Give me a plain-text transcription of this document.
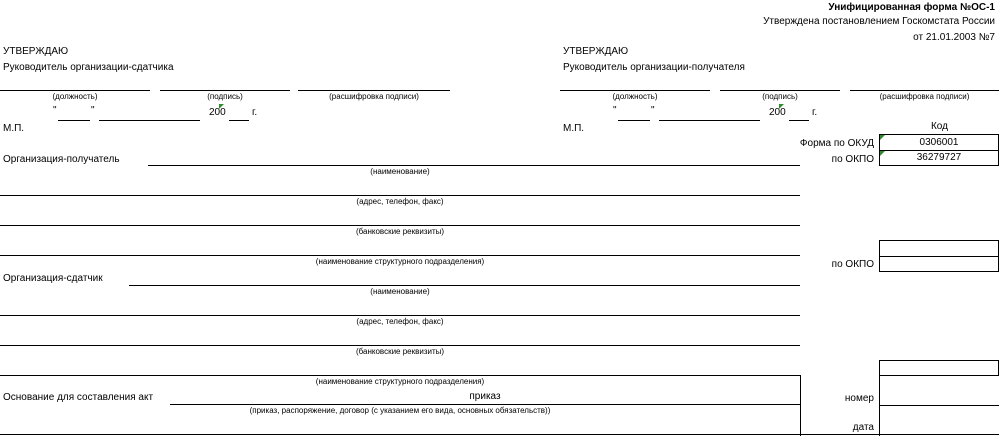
Унифицированная форма №ОС-1
Утверждена постановлением Госкомстата России
от 21.01.2003 №7
УТВЕРЖДАЮ
Руководитель организации-сдатчика
(должность)	(подпись)	(расшифровка подписи)
"	"	200	г.
М.П.
УТВЕРЖДАЮ
Руководитель организации-получателя
(должность)	(подпись)	(расшифровка подписи)
"	"	200	г.
М.П.	Код
Форма по ОКУД	0306001
по ОКПО	36279727
по ОКПО
Организация-получатель
(наименование)
(адрес, телефон, факс)
(банковские реквизиты)
(наименование структурного подразделения)
Организация-сдатчик
(наименование)
(адрес, телефон, факс)
(банковские реквизиты)
(наименование структурного подразделения)
Основание для составления акт	приказ
(приказ, распоряжение, договор (с указанием его вида, основных обязательств))
номер
дата
